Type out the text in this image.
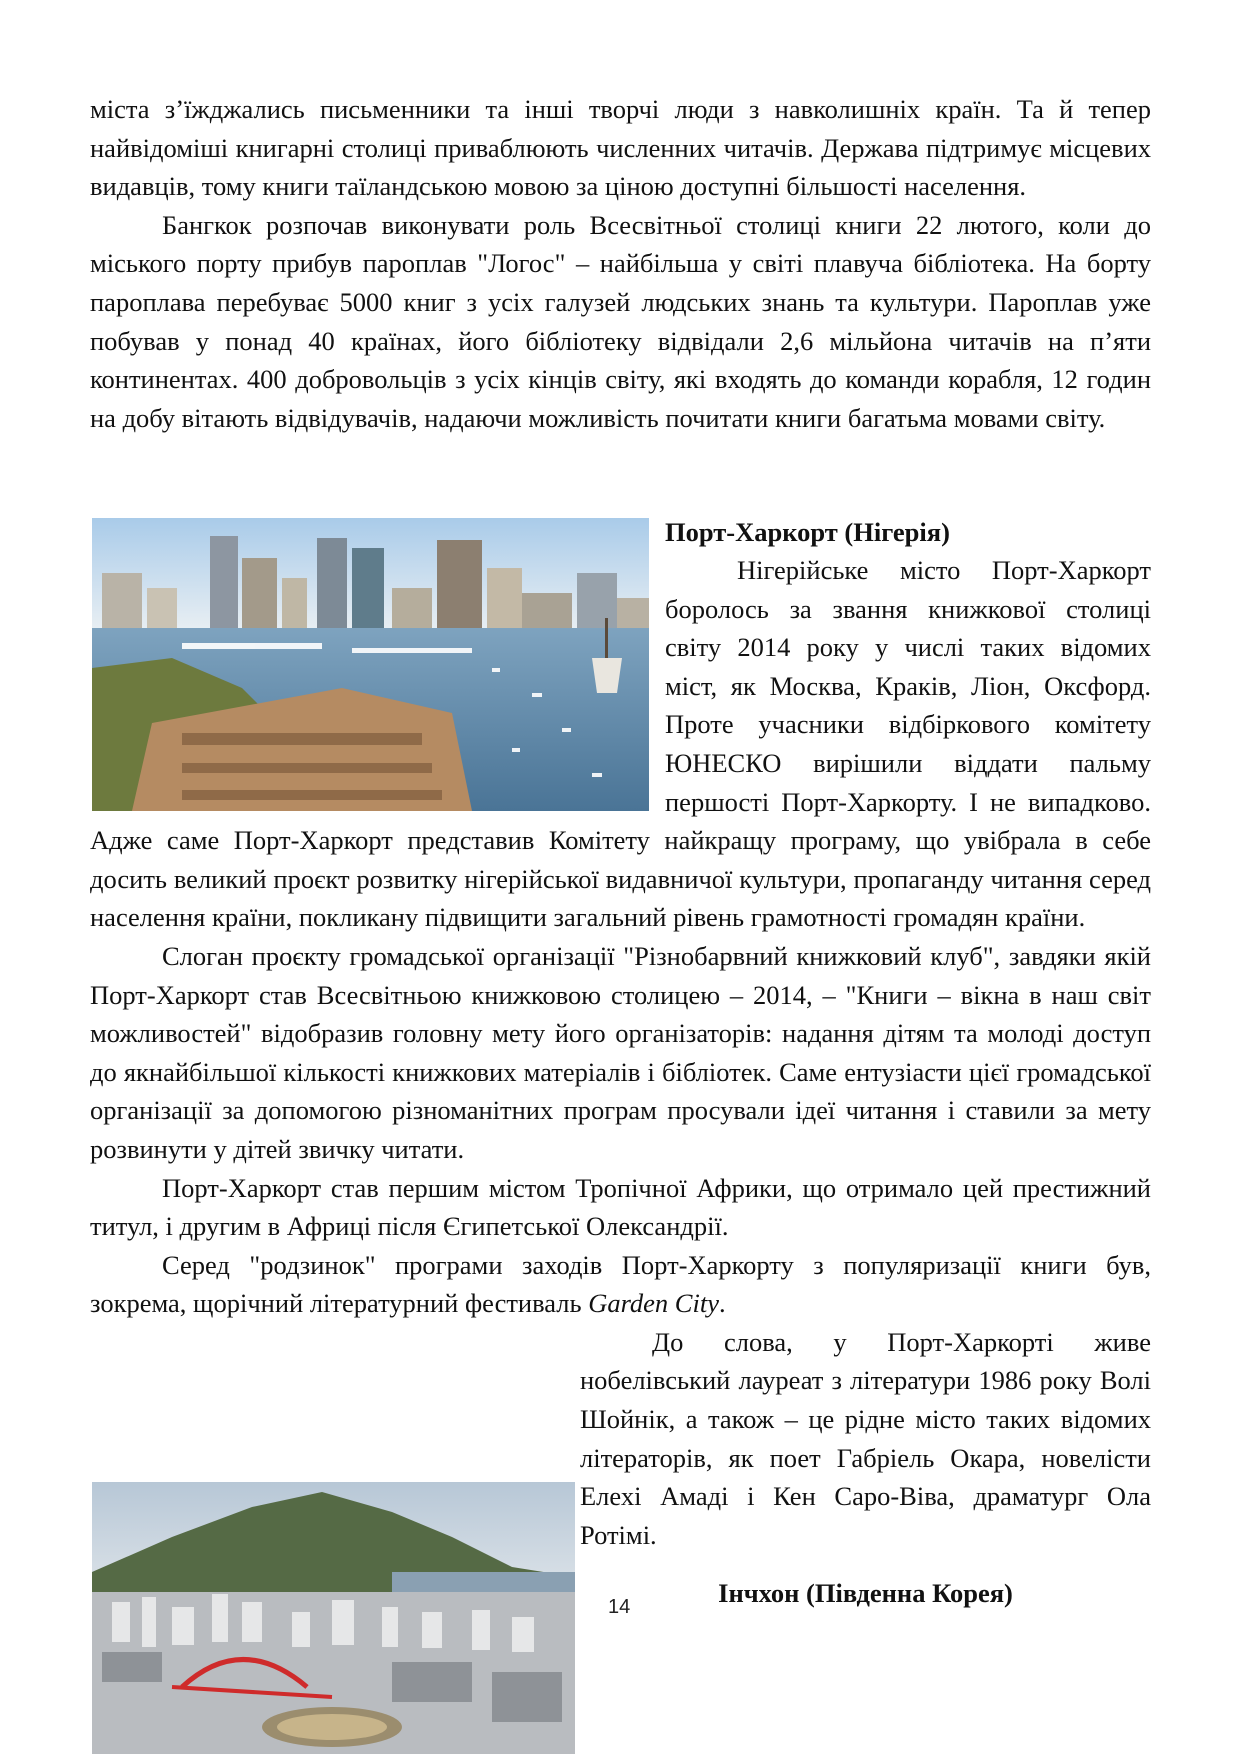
міста з’їжджались письменники та інші творчі люди з навколишніх країн. Та й тепер найвідоміші книгарні столиці приваблюють численних читачів. Держава підтримує місцевих видавців, тому книги таїландською мовою за ціною доступні більшості населення.

Бангкок розпочав виконувати роль Всесвітньої столиці книги 22 лютого, коли до міського порту прибув пароплав "Логос" – найбільша у світі плавуча бібліотека. На борту пароплава перебуває 5000 книг з усіх галузей людських знань та культури. Пароплав уже побував у понад 40 країнах, його бібліотеку відвідали 2,6 мільйона читачів на п’яти континентах. 400 добровольців з усіх кінців світу, які входять до команди корабля, 12 годин на добу вітають відвідувачів, надаючи можливість почитати книги багатьма мовами світу.

Порт-Харкорт (Нігерія)

Нігерійське місто Порт-Харкорт боролось за звання книжкової столиці світу 2014 року у числі таких відомих міст, як Москва, Краків, Ліон, Оксфорд. Проте учасники відбіркового комітету ЮНЕСКО вирішили віддати пальму першості Порт-Харкорту. І не випадково. Адже саме Порт-Харкорт представив Комітету найкращу програму, що увібрала в себе досить великий проєкт розвитку нігерійської видавничої культури, пропаганду читання серед населення країни, покликану підвищити загальний рівень грамотності громадян країни.

Слоган проєкту громадської організації "Різнобарвний книжковий клуб", завдяки якій Порт-Харкорт став Всесвітньою книжковою столицею – 2014, – "Книги – вікна в наш світ можливостей" відобразив головну мету його організаторів: надання дітям та молоді доступ до якнайбільшої кількості книжкових матеріалів і бібліотек. Саме ентузіасти цієї громадської організації за допомогою різноманітних програм просували ідеї читання і ставили за мету розвинути у дітей звичку читати.

Порт-Харкорт став першим містом Тропічної Африки, що отримало цей престижний титул, і другим в Африці після Єгипетської Олександрії.

Серед "родзинок" програми заходів Порт-Харкорту з популяризації книги був, зокрема, щорічний літературний фестиваль Garden City.

До слова, у Порт-Харкорті живе нобелівський лауреат з літератури 1986 року Волі Шойнік, а також – це рідне місто таких відомих літераторів, як поет Габріель Окара, новелісти Елехі Амаді і Кен Саро-Віва, драматург Ола Ротімі.

Інчхон (Південна Корея)

14
